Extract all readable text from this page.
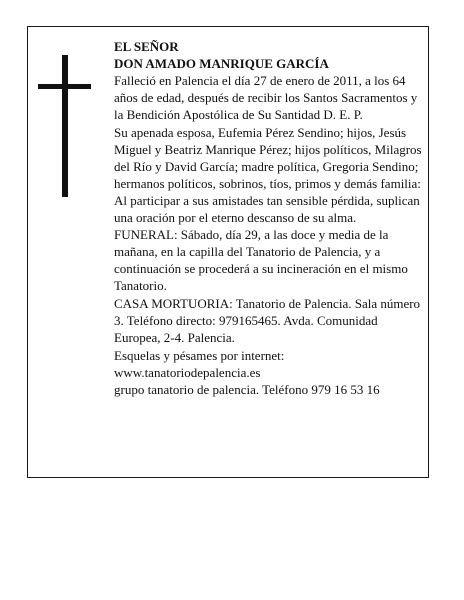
EL SEÑOR
DON AMADO MANRIQUE GARCÍA

Falleció en Palencia el día 27 de enero de 2011, a los 64 años de edad, después de recibir los Santos Sacramentos y la Bendición Apostólica de Su Santidad D. E. P.

Su apenada esposa, Eufemia Pérez Sendino; hijos, Jesús Miguel y Beatriz Manrique Pérez; hijos políticos, Milagros del Río y David García; madre política, Gregoria Sendino; hermanos políticos, sobrinos, tíos, primos y demás familia:

Al participar a sus amistades tan sensible pérdida, suplican una oración por el eterno descanso de su alma.

FUNERAL: Sábado, día 29, a las doce y media de la mañana, en la capilla del Tanatorio de Palencia, y a continuación se procederá a su incineración en el mismo Tanatorio.

CASA MORTUORIA: Tanatorio de Palencia. Sala número 3. Teléfono directo: 979165465. Avda. Comunidad Europea, 2-4. Palencia.

Esquelas y pésames por internet:

www.tanatoriodepalencia.es

grupo tanatorio de palencia. Teléfono 979 16 53 16
